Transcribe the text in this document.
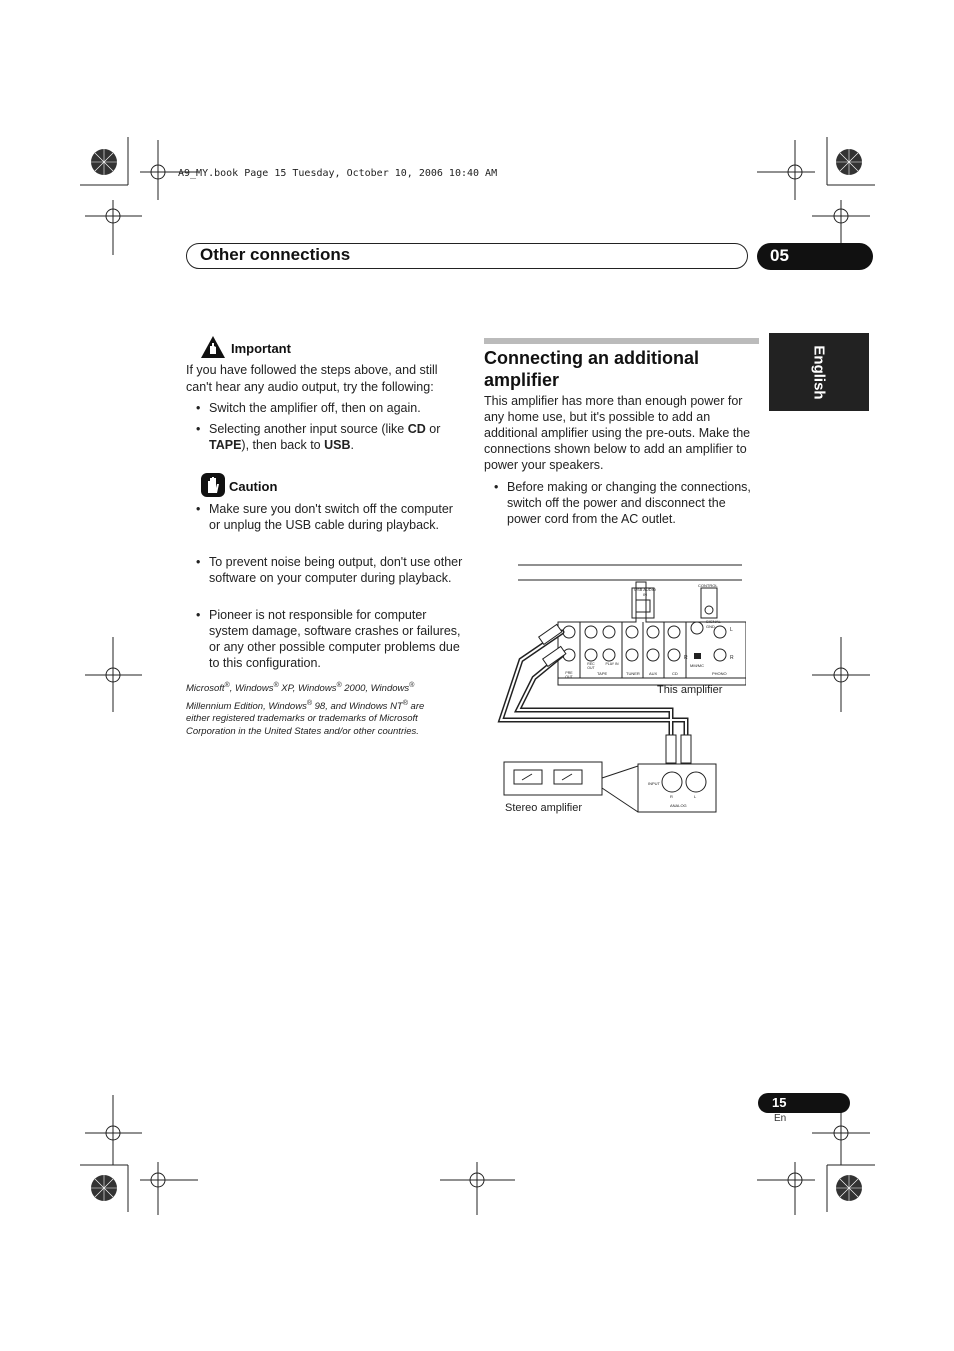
A9_MY.book Page 15 Tuesday, October 10, 2006 10:40 AM
Other connections	05
English
Important
If you have followed the steps above, and still can't hear any audio output, try the following:
• Switch the amplifier off, then on again.
• Selecting another input source (like CD or TAPE), then back to USB.
Caution
• Make sure you don't switch off the computer or unplug the USB cable during playback.
• To prevent noise being output, don't use other software on your computer during playback.
• Pioneer is not responsible for computer system damage, software crashes or failures, or any other possible computer problems due to this configuration.
Microsoft®, Windows® XP, Windows® 2000, Windows®
Millennium Edition, Windows® 98, and Windows NT® are
either registered trademarks or trademarks of Microsoft
Corporation in the United States and/or other countries.
Connecting an additional amplifier
This amplifier has more than enough power for any home use, but it's possible to add an additional amplifier using the pre-outs. Make the connections shown below to add an amplifier to power your speakers.
• Before making or changing the connections, switch off the power and disconnect the power cord from the AC outlet.
USB AUDIO IN
CONTROL
SIGNAL GND
L
R
R
MM/MC
REC OUT
PLAY IN
PRE OUT
TAPE	TUNER AUX	CD	PHONO
INPUT
R	L
ANALOG
This amplifier
Stereo amplifier
15
En
